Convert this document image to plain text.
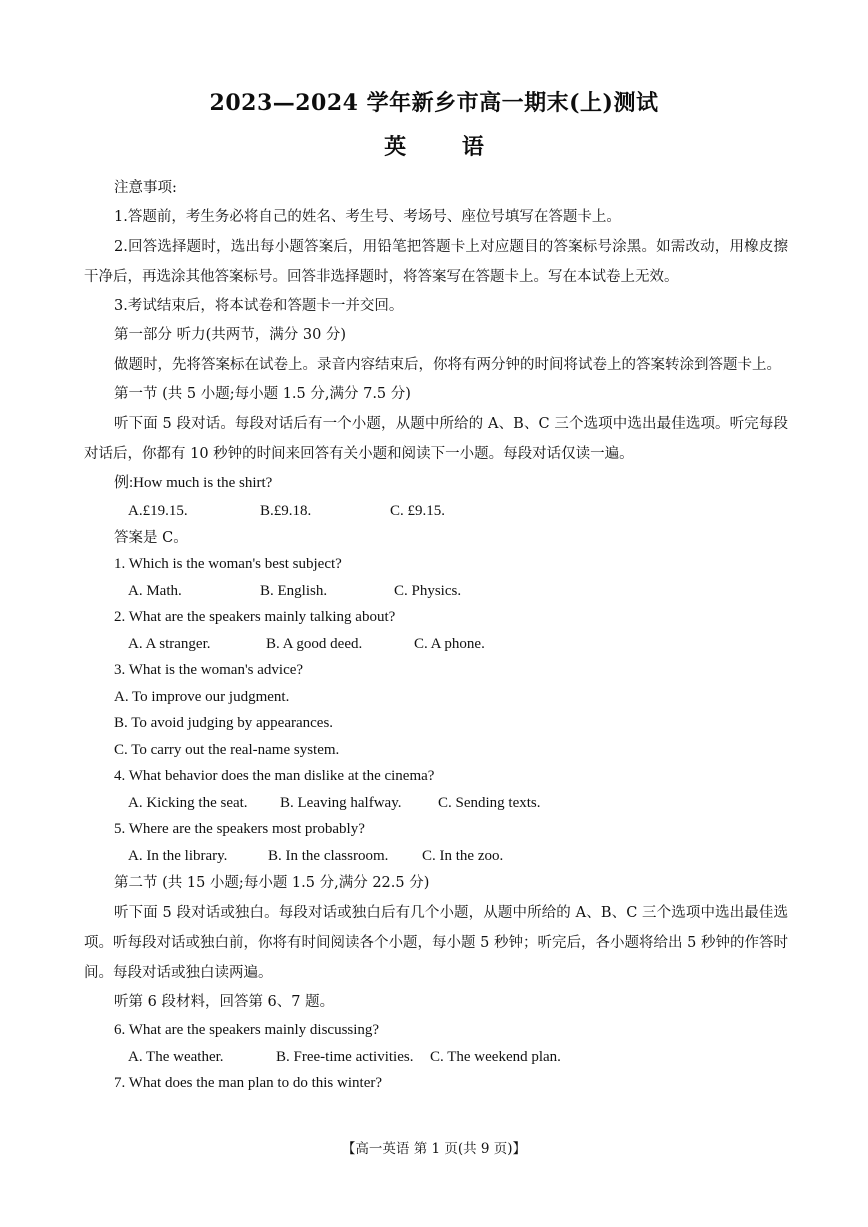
2023—2024 学年新乡市高一期末(上)测试
英 语

注意事项:

1.答题前，考生务必将自己的姓名、考生号、考场号、座位号填写在答题卡上。

2.回答选择题时，选出每小题答案后，用铅笔把答题卡上对应题目的答案标号涂黑。如需改动，用橡皮擦干净后，再选涂其他答案标号。回答非选择题时，将答案写在答题卡上。写在本试卷上无效。

3.考试结束后，将本试卷和答题卡一并交回。

第一部分 听力(共两节，满分 30 分)

做题时，先将答案标在试卷上。录音内容结束后，你将有两分钟的时间将试卷上的答案转涂到答题卡上。

第一节 (共 5 小题;每小题 1.5 分,满分 7.5 分)

听下面 5 段对话。每段对话后有一个小题，从题中所给的 A、B、C 三个选项中选出最佳选项。听完每段对话后，你都有 10 秒钟的时间来回答有关小题和阅读下一小题。每段对话仅读一遍。

例:How much is the shirt?

A.£19.15.	B.£9.18.	C. £9.15.

答案是 C。

1. Which is the woman's best subject?

A. Math.	B. English.	C. Physics.

2. What are the speakers mainly talking about?

A. A stranger.	B. A good deed.	C. A phone.

3. What is the woman's advice?

A. To improve our judgment.

B. To avoid judging by appearances.

C. To carry out the real-name system.

4. What behavior does the man dislike at the cinema?

A. Kicking the seat.	B. Leaving halfway.	C. Sending texts.

5. Where are the speakers most probably?

A. In the library.	B. In the classroom.	C. In the zoo.

第二节 (共 15 小题;每小题 1.5 分,满分 22.5 分)

听下面 5 段对话或独白。每段对话或独白后有几个小题，从题中所给的 A、B、C 三个选项中选出最佳选项。听每段对话或独白前，你将有时间阅读各个小题，每小题 5 秒钟；听完后，各小题将给出 5 秒钟的作答时间。每段对话或独白读两遍。

听第 6 段材料，回答第 6、7 题。

6. What are the speakers mainly discussing?

A. The weather.	B. Free-time activities.	C. The weekend plan.

7. What does the man plan to do this winter?

【高一英语 第 1 页(共 9 页)】
